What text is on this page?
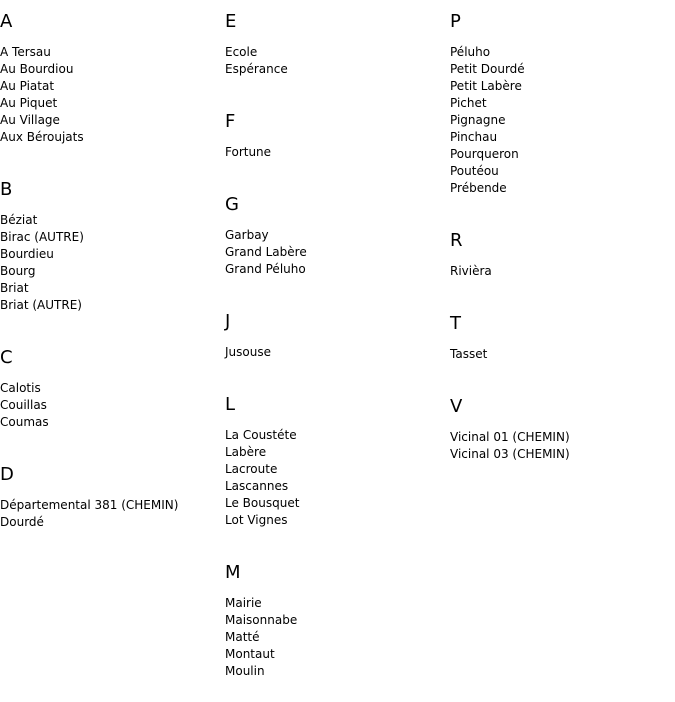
A
A Tersau
Au Bourdiou
Au Piatat
Au Piquet
Au Village
Aux Béroujats
B
Béziat
Birac (AUTRE)
Bourdieu
Bourg
Briat
Briat (AUTRE)
C
Calotis
Couillas
Coumas
D
Départemental 381 (CHEMIN)
Dourdé
E
Ecole
Espérance
F
Fortune
G
Garbay
Grand Labère
Grand Péluho
J
Jusouse
L
La Coustéte
Labère
Lacroute
Lascannes
Le Bousquet
Lot Vignes
M
Mairie
Maisonnabe
Matté
Montaut
Moulin
P
Péluho
Petit Dourdé
Petit Labère
Pichet
Pignagne
Pinchau
Pourqueron
Poutéou
Prébende
R
Rivièra
T
Tasset
V
Vicinal 01 (CHEMIN)
Vicinal 03 (CHEMIN)
